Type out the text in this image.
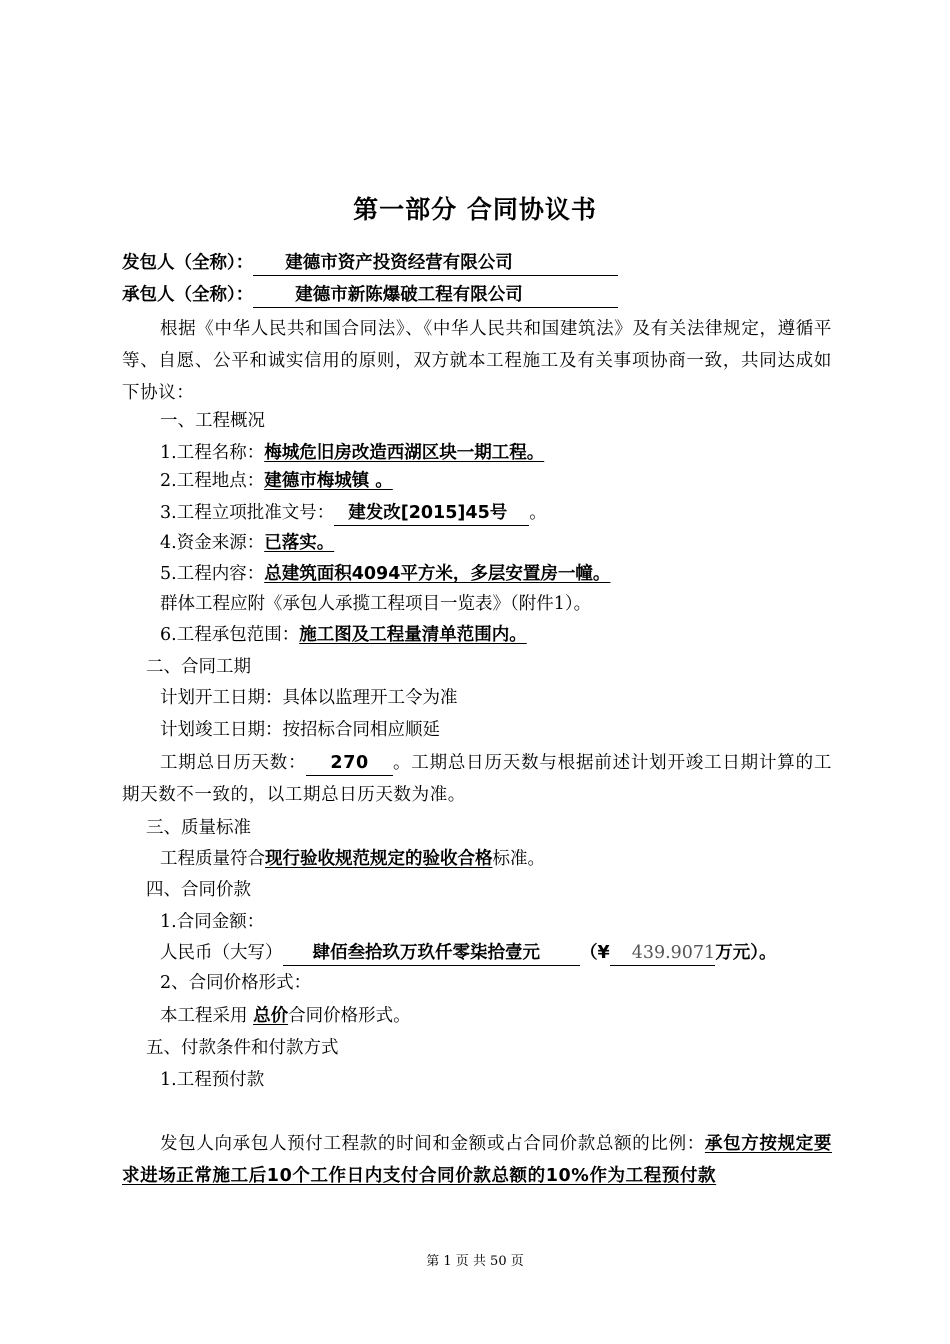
第一部分 合同协议书
发包人（全称）： 建德市资产投资经营有限公司
承包人（全称）： 建德市新陈爆破工程有限公司
根据《中华人民共和国合同法》、《中华人民共和国建筑法》及有关法律规定，遵循平等、自愿、公平和诚实信用的原则，双方就本工程施工及有关事项协商一致，共同达成如下协议：
一、工程概况
1.工程名称：梅城危旧房改造西湖区块一期工程。
2.工程地点：建德市梅城镇 。
3.工程立项批准文号： 建发改[2015]45号 。
4.资金来源：已落实。
5.工程内容：总建筑面积4094平方米，多层安置房一幢。
群体工程应附《承包人承揽工程项目一览表》（附件1）。
6.工程承包范围：施工图及工程量清单范围内。
二、合同工期
计划开工日期：具体以监理开工令为准
计划竣工日期：按招标合同相应顺延
工期总日历天数： 270 。工期总日历天数与根据前述计划开竣工日期计算的工期天数不一致的，以工期总日历天数为准。
三、质量标准
工程质量符合现行验收规范规定的验收合格标准。
四、合同价款
1.合同金额：
人民币（大写） 肆佰叁拾玖万玖仟零柒拾壹元 （¥ 439.9071万元）。
2、合同价格形式：
本工程采用 总价合同价格形式。
五、付款条件和付款方式
1.工程预付款
发包人向承包人预付工程款的时间和金额或占合同价款总额的比例：承包方按规定要求进场正常施工后10个工作日内支付合同价款总额的10%作为工程预付款
第 1 页 共 50 页
